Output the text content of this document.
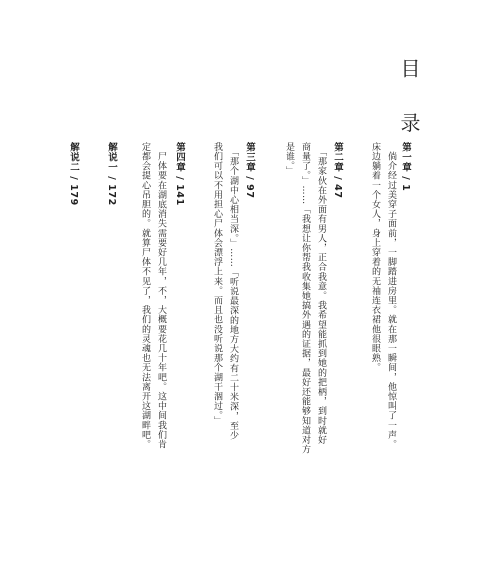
目 录
第一章 / 1
　倘介经过美穿子面前，一脚踏进房里。就在那一瞬间，他惊叫了一声。
床边躺着一个女人，身上穿着的无袖连衣裙他很眼熟。
第二章 / 47
　「那家伙在外面有男人，正合我意。我希望能抓到她的把柄，到时就好
商量了。」……「我想让你帮我收集她搞外遇的证据，最好还能够知道对方
是谁。」
第三章 / 97
　「那个湖中心相当深。」……「听说最深的地方大约有二十米深，至少
我们可以不用担心尸体会漂浮上来。而且也没听说那个湖干涸过。」
第四章 / 141
　尸体要在湖底消失需要好几年，不，大概要花几十年吧。这中间我们肯
定都会提心吊胆的。就算尸体不见了，我们的灵魂也无法离开这湖畔吧。
解说一 / 172
解说二 / 179
